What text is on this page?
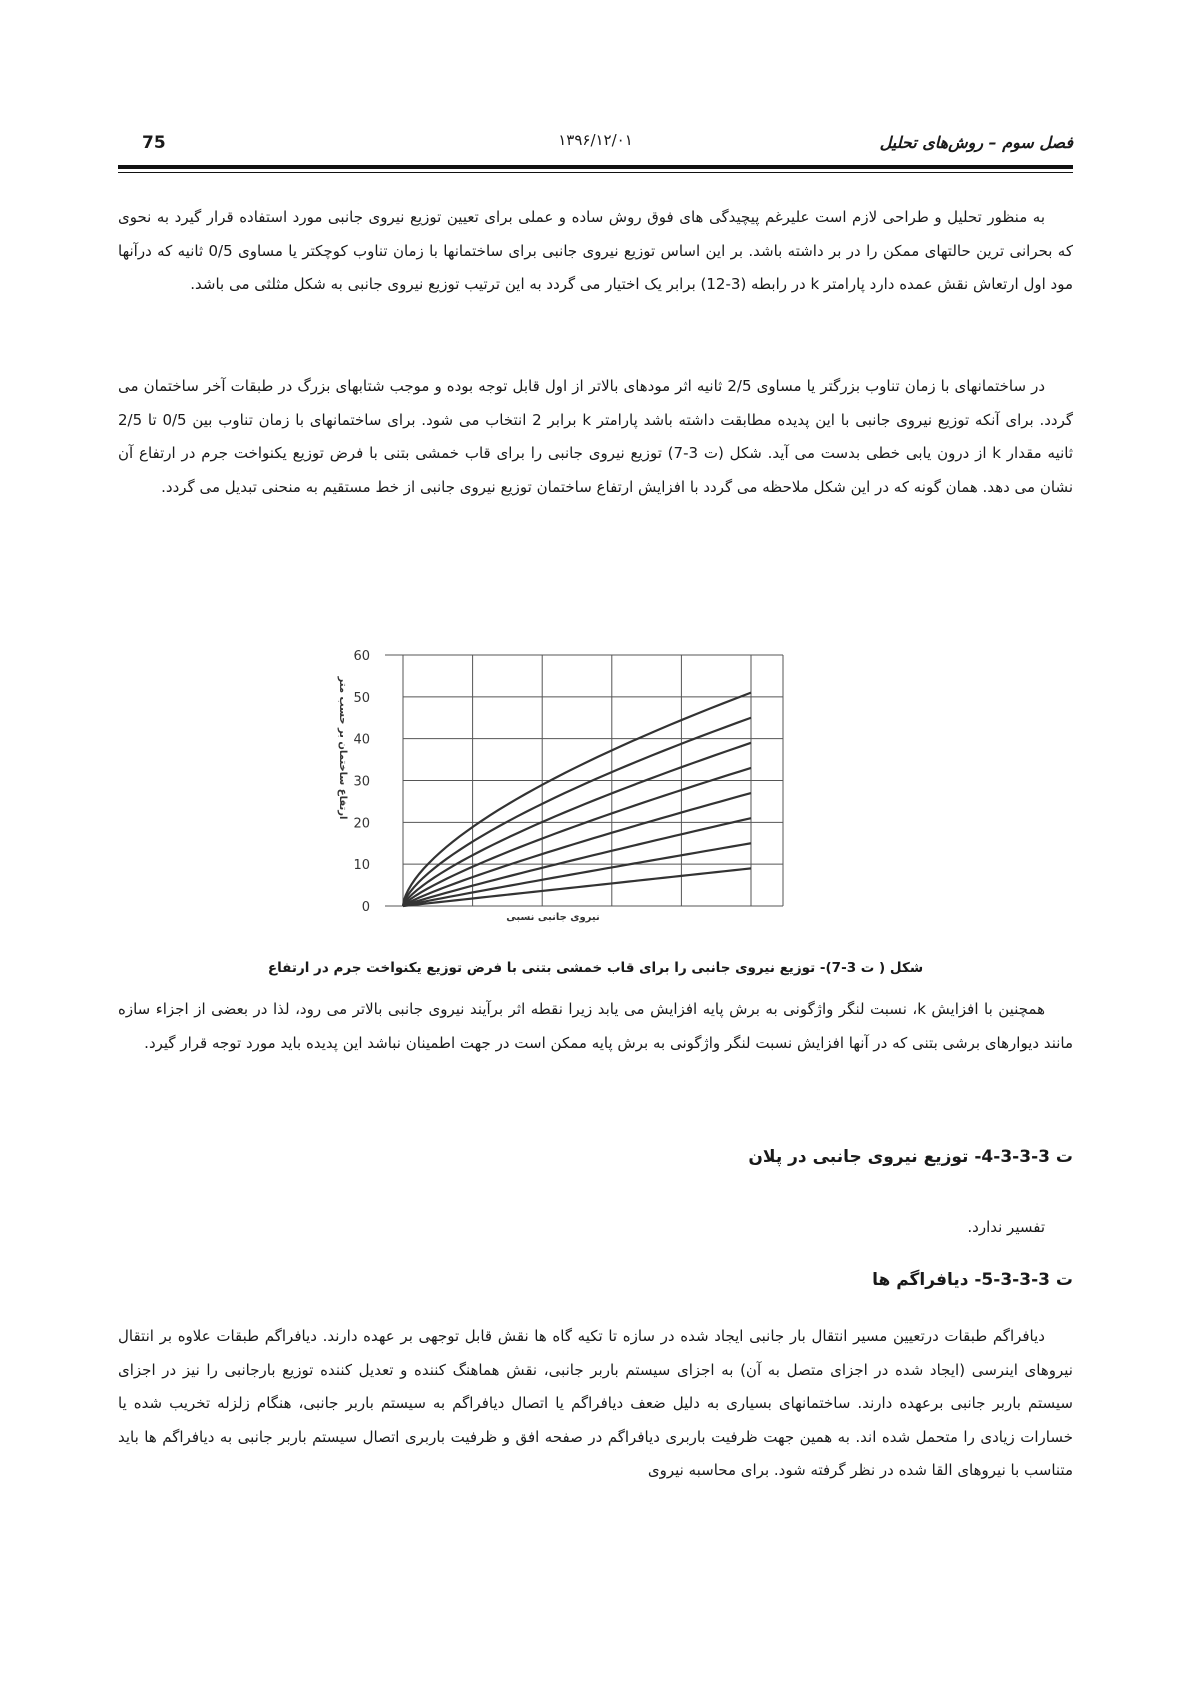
فصل سوم – روش‌های تحلیل
۱۳۹۶/۱۲/۰۱
75

به منظور تحلیل و طراحی لازم است علیرغم پیچیدگی های فوق روش ساده و عملی برای تعیین توزیع نیروی جانبی مورد استفاده قرار گیرد به نحوی که بحرانی ترین حالتهای ممکن را در بر داشته باشد. بر این اساس توزیع نیروی جانبی برای ساختمانها با زمان تناوب کوچکتر یا مساوی 0/5 ثانیه که درآنها مود اول ارتعاش نقش عمده دارد پارامتر k در رابطه (3-12) برابر یک اختیار می گردد به این ترتیب توزیع نیروی جانبی به شکل مثلثی می باشد.

در ساختمانهای با زمان تناوب بزرگتر یا مساوی 2/5 ثانیه اثر مودهای بالاتر از اول قابل توجه بوده و موجب شتابهای بزرگ در طبقات آخر ساختمان می گردد. برای آنکه توزیع نیروی جانبی با این پدیده مطابقت داشته باشد پارامتر k برابر 2 انتخاب می شود. برای ساختمانهای با زمان تناوب بین 0/5 تا 2/5 ثانیه مقدار k از درون یابی خطی بدست می آید. شکل (ت 3-7) توزیع نیروی جانبی را برای قاب خمشی بتنی با فرض توزیع یکنواخت جرم در ارتفاع آن نشان می دهد. همان گونه که در این شکل ملاحظه می گردد با افزایش ارتفاع ساختمان توزیع نیروی جانبی از خط مستقیم به منحنی تبدیل می گردد.

0
10
20
30
40
50
60
ارتفاع ساختمان بر حسب متر
نیروی جانبی نسبی
شکل ( ت 3-7)- توزیع نیروی جانبی را برای قاب خمشی بتنی با فرض توزیع یکنواخت جرم در ارتفاع

همچنین با افزایش k، نسبت لنگر واژگونی به برش پایه افزایش می یابد زیرا نقطه اثر برآیند نیروی جانبی بالاتر می رود، لذا در بعضی از اجزاء سازه مانند دیوارهای برشی بتنی که در آنها افزایش نسبت لنگر واژگونی به برش پایه ممکن است در جهت اطمینان نباشد این پدیده باید مورد توجه قرار گیرد.

ت 3-3-3-4- توزیع نیروی جانبی در پلان
تفسیر ندارد.
ت 3-3-3-5- دیافراگم ها

دیافراگم طبقات درتعیین مسیر انتقال بار جانبی ایجاد شده در سازه تا تکیه گاه ها نقش قابل توجهی بر عهده دارند. دیافراگم طبقات علاوه بر انتقال نیروهای اینرسی (ایجاد شده در اجزای متصل به آن) به اجزای سیستم باربر جانبی، نقش هماهنگ کننده و تعدیل کننده توزیع بارجانبی را نیز در اجزای سیستم باربر جانبی برعهده دارند. ساختمانهای بسیاری به دلیل ضعف دیافراگم یا اتصال دیافراگم به سیستم باربر جانبی، هنگام زلزله تخریب شده یا خسارات زیادی را متحمل شده اند. به همین جهت ظرفیت باربری دیافراگم در صفحه افق و ظرفیت باربری اتصال سیستم باربر جانبی به دیافراگم ها باید متناسب با نیروهای القا شده در نظر گرفته شود. برای محاسبه نیروی
